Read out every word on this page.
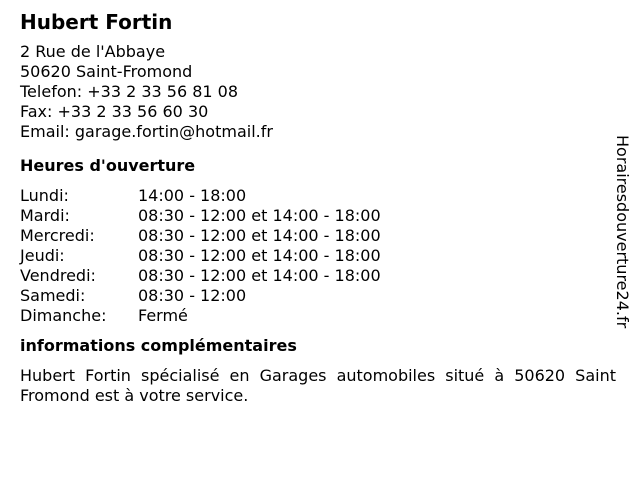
Hubert Fortin
2 Rue de l'Abbaye
50620 Saint-Fromond
Telefon: +33 2 33 56 81 08
Fax: +33 2 33 56 60 30
Email: garage.fortin@hotmail.fr
Heures d'ouverture
Lundi:	14:00 - 18:00
Mardi:	08:30 - 12:00 et 14:00 - 18:00
Mercredi:	08:30 - 12:00 et 14:00 - 18:00
Jeudi:	08:30 - 12:00 et 14:00 - 18:00
Vendredi:	08:30 - 12:00 et 14:00 - 18:00
Samedi:	08:30 - 12:00
Dimanche:	Fermé
informations complémentaires
Hubert Fortin spécialisé en Garages automobiles situé à 50620 Saint Fromond est à votre service.
Horairesdouverture24.fr
